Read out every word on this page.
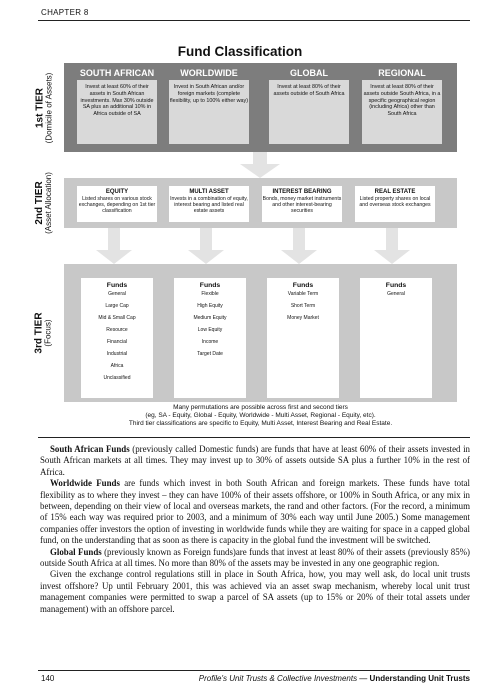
CHAPTER 8
Fund Classification
1st TIER (Domicile of Assets)
2nd TIER (Asset Allocation)
3rd TIER (Focus)
SOUTH AFRICAN	WORLDWIDE	GLOBAL	REGIONAL
Invest at least 60% of their assets in South African investments. Max 30% outside SA plus an additional 10% in Africa outside of SA
Invest in South African and/or foreign markets (complete flexibility, up to 100% either way)
Invest at least 80% of their assets outside of South Africa
Invest at least 80% of their assets outside South Africa, in a specific geographical region (including Africa) other than South Africa
EQUITY
Listed shares on various stock exchanges, depending on 1st tier classification
MULTI ASSET
Invests in a combination of equity, interest bearing and listed real estate assets
INTEREST BEARING
Bonds, money market instruments and other interest-bearing securities
REAL ESTATE
Listed property shares on local and overseas stock exchanges
Funds
General
Large Cap
Mid & Small Cap
Resource
Financial
Industrial
Africa
Unclassified
Funds
Flexible
High Equity
Medium Equity
Low Equity
Income
Target Date
Funds
Variable Term
Short Term
Money Market
Funds
General
Many permutations are possible across first and second tiers
(eg, SA - Equity, Global - Equity, Worldwide - Multi Asset, Regional - Equity, etc).
Third tier classifications are specific to Equity, Multi Asset, Interest Bearing and Real Estate.

South African Funds (previously called Domestic funds) are funds that have at least 60% of their assets invested in South African markets at all times. They may invest up to 30% of assets outside SA plus a further 10% in the rest of Africa.

Worldwide Funds are funds which invest in both South African and foreign markets. These funds have total flexibility as to where they invest – they can have 100% of their assets offshore, or 100% in South Africa, or any mix in between, depending on their view of local and overseas markets, the rand and other factors. (For the record, a minimum of 15% each way was required prior to 2003, and a minimum of 30% each way until June 2005.) Some management companies offer investors the option of investing in worldwide funds while they are waiting for space in a capped global fund, on the understanding that as soon as there is capacity in the global fund the investment will be switched.

Global Funds (previously known as Foreign funds)are funds that invest at least 80% of their assets (previously 85%) outside South Africa at all times. No more than 80% of the assets may be invested in any one geographic region.

Given the exchange control regulations still in place in South Africa, how, you may well ask, do local unit trusts invest offshore? Up until February 2001, this was achieved via an asset swap mechanism, whereby local unit trust management companies were permitted to swap a parcel of SA assets (up to 15% or 20% of their total assets under management) with an offshore parcel.

140	Profile's Unit Trusts & Collective Investments — Understanding Unit Trusts
